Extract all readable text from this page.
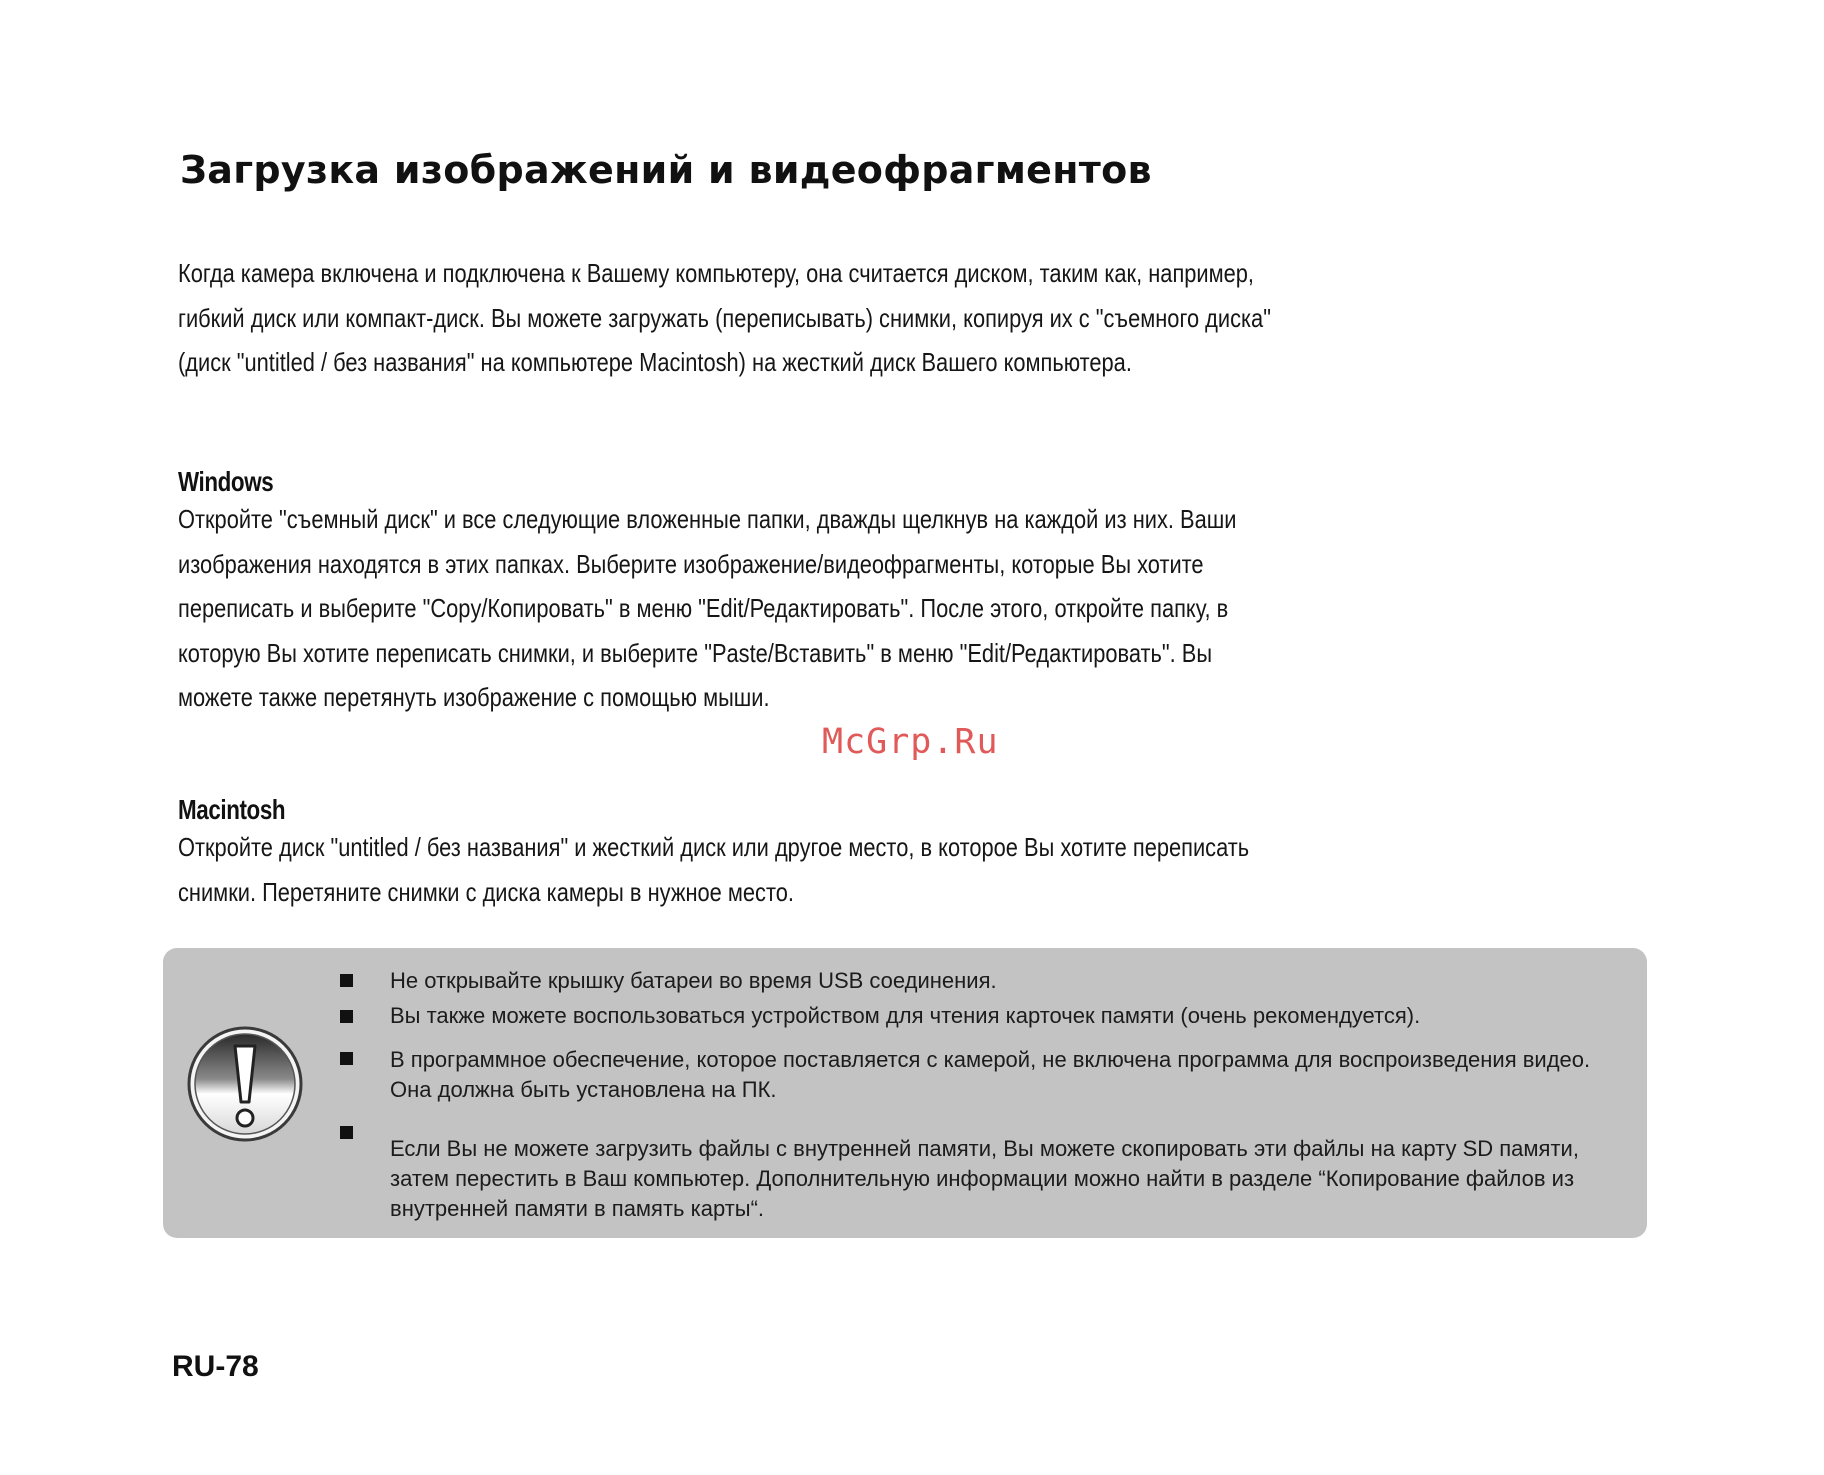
Загрузка изображений и видеофрагментов

Когда камера включена и подключена к Вашему компьютеру, она считается диском, таким как, например, гибкий диск или компакт-диск. Вы можете загружать (переписывать) снимки, копируя их с "съемного диска" (диск "untitled / без названия" на компьютере Macintosh) на жесткий диск Вашего компьютера.

Windows

Откройте "съемный диск" и все следующие вложенные папки, дважды щелкнув на каждой из них. Ваши изображения находятся в этих папках. Выберите изображение/видеофрагменты, которые Вы хотите переписать и выберите "Copy/Копировать" в меню "Edit/Редактировать". После этого, откройте папку, в которую Вы хотите переписать снимки, и выберите "Paste/Вставить" в меню "Edit/Редактировать". Вы можете также перетянуть изображение с помощью мыши.

McGrp.Ru
Macintosh

Откройте диск "untitled / без названия" и жесткий диск или другое место, в которое Вы хотите переписать снимки. Перетяните снимки с диска камеры в нужное место.

Не открывайте крышку батареи во время USB соединения.
Вы также можете воспользоваться устройством для чтения карточек памяти (очень рекомендуется).
В программное обеспечение, которое поставляется с камерой, не включена программа для воспроизведения видео. Она должна быть установлена на ПК.
Если Вы не можете загрузить файлы с внутренней памяти, Вы можете скопировать эти файлы на карту SD памяти, затем перестить в Ваш компьютер. Дополнительную информации можно найти в разделе “Копирование файлов из внутренней памяти в память карты“.
RU-78
